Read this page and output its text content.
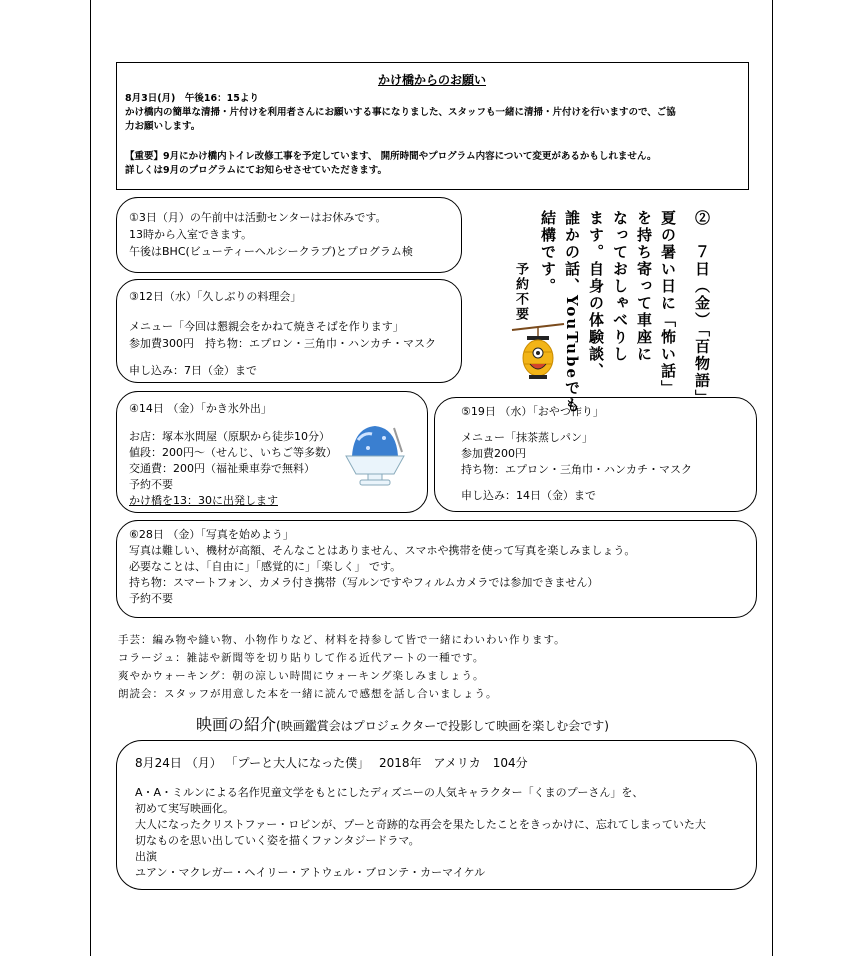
かけ橋からのお願い
8月3日(月)　午後16：15より
かけ橋内の簡単な清掃・片付けを利用者さんにお願いする事になりました、スタッフも一緒に清掃・片付けを行いますので、ご協
力お願いします。
【重要】9月にかけ橋内トイレ改修工事を予定しています、 開所時間やプログラム内容について変更があるかもしれません。
詳しくは9月のプログラムにてお知らせさせていただきます。
①3日（月）の午前中は活動センターはお休みです。
13時から入室できます。
午後はBHC(ビューティーヘルシークラブ)とプログラム検
③12日（水）「久しぶりの料理会」
メニュー「今回は懇親会をかねて焼きそばを作ります」
参加費300円　持ち物：エプロン・三角巾・ハンカチ・マスク
申し込み：7日（金）まで	②　７日（金）「百物語」
夏の暑い日に「怖い話」
を持ち寄って車座に
なっておしゃべりし
ます。自身の体験談、
誰かの話、YouTubeでも
結構です。
予約不要
④14日 （金）「かき氷外出」
お店：塚本氷問屋（原駅から徒歩10分）
値段：200円～（せんじ、いちご等多数）
交通費：200円（福祉乗車券で無料）
予約不要
かけ橋を13：30に出発します
⑤19日 （水）「おやつ作り」
メニュー「抹茶蒸しパン」
参加費200円
持ち物：エプロン・三角巾・ハンカチ・マスク
申し込み：14日（金）まで
⑥28日 （金）「写真を始めよう」
写真は難しい、機材が高額、そんなことはありません、スマホや携帯を使って写真を楽しみましょう。
必要なことは、「自由に」「感覚的に」「楽しく」 です。
持ち物：スマートフォン、カメラ付き携帯（写ルンですやフィルムカメラでは参加できません）
予約不要
手芸：編み物や縫い物、小物作りなど、材料を持参して皆で一緒にわいわい作ります。
コラージュ：雑誌や新聞等を切り貼りして作る近代アートの一種です。
爽やかウォーキング：朝の涼しい時間にウォーキング楽しみましょう。
朗読会：スタッフが用意した本を一緒に読んで感想を話し合いましょう。
映画の紹介(映画鑑賞会はプロジェクターで投影して映画を楽しむ会です)
8月24日 （月） 「プーと大人になった僕」　 2018年　アメリカ　104分
A・A・ミルンによる名作児童文学をもとにしたディズニーの人気キャラクター「くまのプーさん」を、
初めて実写映画化。
大人になったクリストファー・ロビンが、プーと奇跡的な再会を果たしたことをきっかけに、忘れてしまっていた大
切なものを思い出していく姿を描くファンタジードラマ。
出演
ユアン・マクレガー・ヘイリー・アトウェル・ブロンテ・カーマイケル
